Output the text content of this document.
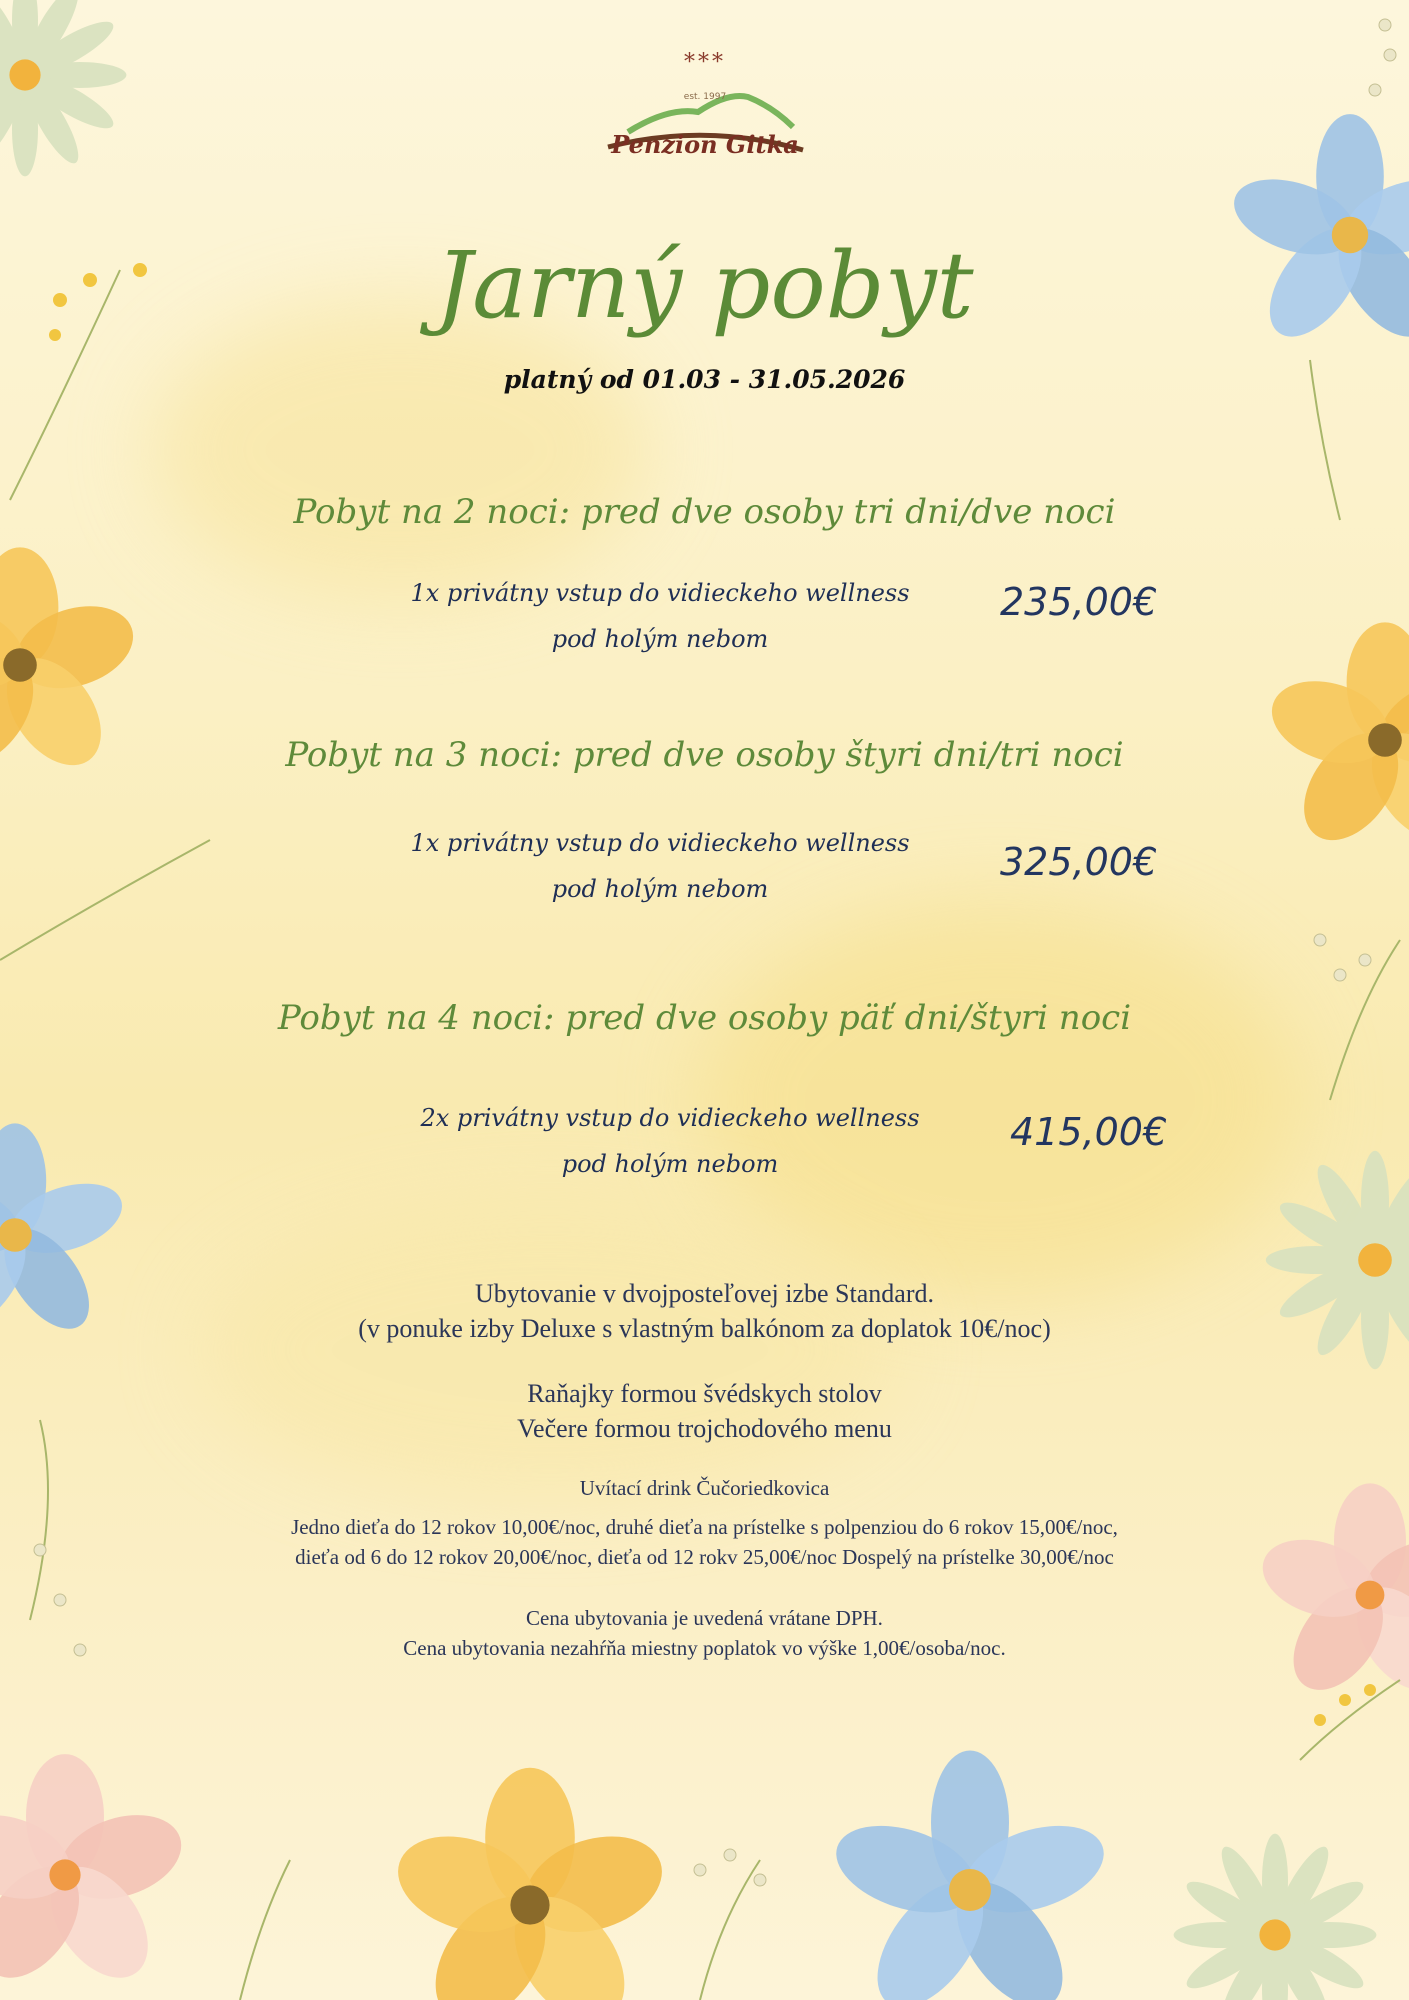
***
est. 1997
Penzion Gitka
Jarný pobyt
platný od 01.03 - 31.05.2026
Pobyt na 2 noci: pred dve osoby tri dni/dve noci
1x privátny vstup do vidieckeho wellness
pod holým nebom
235,00€
Pobyt na 3 noci: pred dve osoby štyri dni/tri noci
1x privátny vstup do vidieckeho wellness
pod holým nebom
325,00€
Pobyt na 4 noci: pred dve osoby päť dni/štyri noci
2x privátny vstup do vidieckeho wellness
pod holým nebom
415,00€
Ubytovanie v dvojposteľovej izbe Standard.
(v ponuke izby Deluxe s vlastným balkónom za doplatok 10€/noc)
Raňajky formou švédskych stolov
Večere formou trojchodového menu
Uvítací drink Čučoriedkovica
Jedno dieťa do 12 rokov 10,00€/noc, druhé dieťa na prístelke s polpenziou do 6 rokov 15,00€/noc,
dieťa od 6 do 12 rokov 20,00€/noc, dieťa od 12 rokv 25,00€/noc Dospelý na prístelke 30,00€/noc
Cena ubytovania je uvedená vrátane DPH.
Cena ubytovania nezahŕňa miestny poplatok vo výške 1,00€/osoba/noc.
